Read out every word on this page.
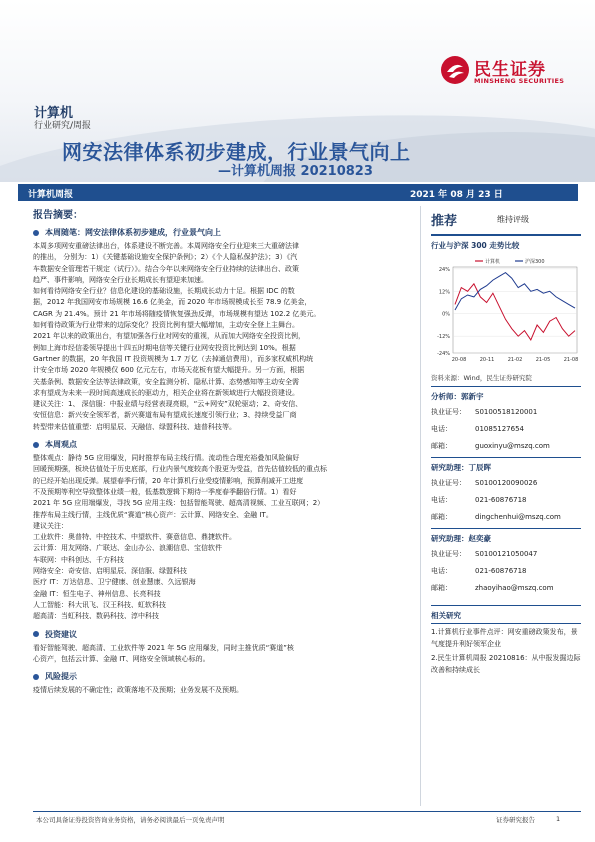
民生证券
MINSHENG SECURITIES
计算机
行业研究/周报
网安法律体系初步建成，行业景气向上
—计算机周报 20210823
计算机周报	2021 年 08 月 23 日
报告摘要：
本周随笔：网安法律体系初步建成，行业景气向上
本周多项网安重磅法律出台，体系建设不断完善。本周网络安全行业迎来三大重磅法律
的推出， 分别为：1）《关键基础设施安全保护条例》；2）《个人隐私保护法》；3）《汽
车数据安全管理若干规定（试行）》。结合今年以来网络安全行业持续的法律出台、政策
趋严、事件影响，网络安全行业长期成长有望迎来加速。
如何看待网络安全行业？信息化建设的基础设施，长期成长动力十足。根据 IDC 的数
据，2012 年我国网安市场规模 16.6 亿美金，而 2020 年市场规模成长至 78.9 亿美金，
CAGR 为 21.4%。预计 21 年市场将随疫情恢复强劲反弹，市场规模有望达 102.2 亿美元。
如何看待政策为行业带来的边际变化？投资比例有望大幅增加，主动安全登上主舞台。
2021 年以来的政策出台，有望加强各行业对网安的重视，从而加大网络安全投资比例，
例如上海市经信委领导提出十四五时期电信等关键行业网安投资比例达到 10%。根据
Gartner 的数据，20 年我国 IT 投资规模为 1.7 万亿（去掉通信费用），而多家权威机构统
计安全市场 2020 年规模仅 600 亿元左右，市场天花板有望大幅提升。另一方面，根据
关基条例、数据安全法等法律政策，安全监测分析、隐私计算、态势感知等主动安全需
求有望成为未来一段时间高速成长的驱动力，相关企业将在新领域进行大幅投资建设。
建议关注：1、 深信服：中报业绩与经营表现亮眼，“云+网安”双轮驱动；2、奇安信、
安恒信息：新兴安全领军者，新兴赛道布局有望成长速度引领行业；3、持续受益厂商
转型带来估值重塑：启明星辰、天融信、绿盟科技、迪普科技等。
本周观点
整体观点：静待 5G 应用爆发，同时推荐布局主线行情。流动性合理充裕叠加风险偏好
回暖预期强，板块估值处于历史底部，行业内景气度较高个股更为受益，首先估值较低的重点标
的已经开始出现反弹。展望春季行情，20 年计算机行业受疫情影响，预算削减开工进度
不及预期等利空导致整体业绩一般，低基数逻辑下期待一季度春季翻倍行情。1）看好
2021 年 5G 应用端爆发，寻找 5G 应用主线：包括智能驾驶、超高清视频、工业互联网；2）
推荐布局主线行情，主线优质“赛道”核心资产：云计算、网络安全、金融 IT。
建议关注：
工业软件：奥普特、中控技术、中望软件、赛意信息、鼎捷软件。
云计算：用友网络、广联达、金山办公、浪潮信息、宝信软件
车联网：中科创达、千方科技
网络安全：奇安信、启明星辰、深信服、绿盟科技
医疗 IT：万达信息、卫宁健康、创业慧康、久远银海
金融 IT：恒生电子、神州信息、长亮科技
人工智能：科大讯飞、汉王科技、虹软科技
超高清：当虹科技、数码科技、淳中科技
投资建议
看好智能驾驶、超高清、工业软件等 2021 年 5G 应用爆发，同时主推优质“赛道”核
心资产，包括云计算、金融 IT、网络安全领域核心标的。
风险提示
疫情后续发展的不确定性；政策落地不及预期；业务发展不及预期。
推荐	维持评级
行业与沪深 300 走势比较
24%
12%
0%
-12%
-24%
20-08	20-11	21-02	21-05	21-08
计算机	沪深300
资料来源：Wind，民生证券研究院
分析师：郭新宇
执业证号：	S0100518120001
电话：	01085127654
邮箱：	guoxinyu@mszq.com
研究助理：丁辰晖
执业证号：	S0100120090026
电话：	021-60876718
邮箱：	dingchenhui@mszq.com
研究助理：赵奕豪
执业证号：	S0100121050047
电话：	021-60876718
邮箱：	zhaoyihao@mszq.com
相关研究
1.计算机行业事件点评：网安重磅政策发布，景气度提升利好领军企业
2.民生计算机周报 20210816：从中报发掘边际改善和持续成长
本公司具备证券投资咨询业务资格，请务必阅读最后一页免责声明	证券研究报告	1
